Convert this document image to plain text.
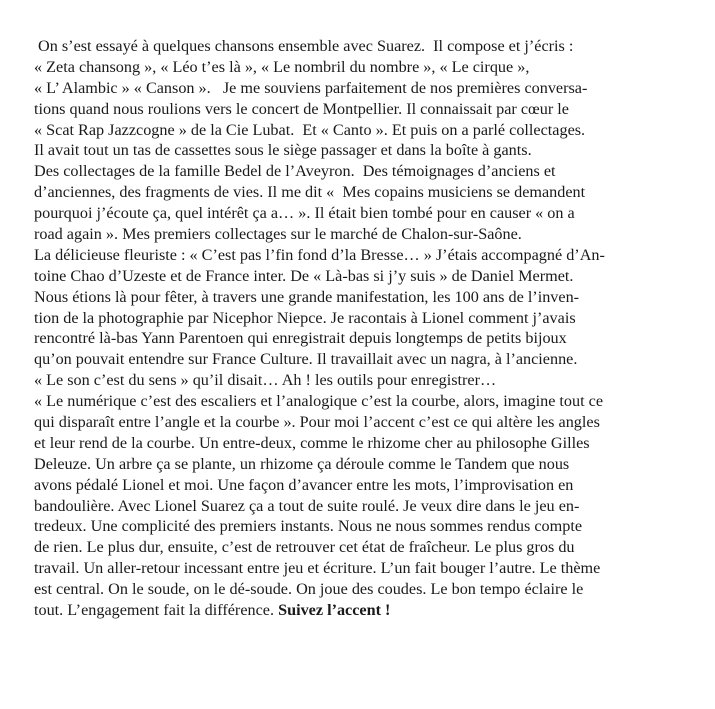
On s’est essayé à quelques chansons ensemble avec Suarez.  Il compose et j’écris :
« Zeta chansong », « Léo t’es là », « Le nombril du nombre », « Le cirque »,
« L’ Alambic » « Canson ».   Je me souviens parfaitement de nos premières conversa-
tions quand nous roulions vers le concert de Montpellier. Il connaissait par cœur le
« Scat Rap Jazzcogne » de la Cie Lubat.  Et « Canto ». Et puis on a parlé collectages.
Il avait tout un tas de cassettes sous le siège passager et dans la boîte à gants.
Des collectages de la famille Bedel de l’Aveyron.  Des témoignages d’anciens et
d’anciennes, des fragments de vies. Il me dit «  Mes copains musiciens se demandent
pourquoi j’écoute ça, quel intérêt ça a… ». Il était bien tombé pour en causer « on a
road again ». Mes premiers collectages sur le marché de Chalon-sur-Saône.
La délicieuse fleuriste : « C’est pas l’fin fond d’la Bresse… » J’étais accompagné d’An-
toine Chao d’Uzeste et de France inter. De « Là-bas si j’y suis » de Daniel Mermet.
Nous étions là pour fêter, à travers une grande manifestation, les 100 ans de l’inven-
tion de la photographie par Nicephor Niepce. Je racontais à Lionel comment j’avais
rencontré là-bas Yann Parentoen qui enregistrait depuis longtemps de petits bijoux
qu’on pouvait entendre sur France Culture. Il travaillait avec un nagra, à l’ancienne.
« Le son c’est du sens » qu’il disait… Ah ! les outils pour enregistrer…
« Le numérique c’est des escaliers et l’analogique c’est la courbe, alors, imagine tout ce
qui disparaît entre l’angle et la courbe ». Pour moi l’accent c’est ce qui altère les angles
et leur rend de la courbe. Un entre-deux, comme le rhizome cher au philosophe Gilles
Deleuze. Un arbre ça se plante, un rhizome ça déroule comme le Tandem que nous
avons pédalé Lionel et moi. Une façon d’avancer entre les mots, l’improvisation en
bandoulière. Avec Lionel Suarez ça a tout de suite roulé. Je veux dire dans le jeu en-
tredeux. Une complicité des premiers instants. Nous ne nous sommes rendus compte
de rien. Le plus dur, ensuite, c’est de retrouver cet état de fraîcheur. Le plus gros du
travail. Un aller-retour incessant entre jeu et écriture. L’un fait bouger l’autre. Le thème
est central. On le soude, on le dé-soude. On joue des coudes. Le bon tempo éclaire le
tout. L’engagement fait la différence. Suivez l’accent !
